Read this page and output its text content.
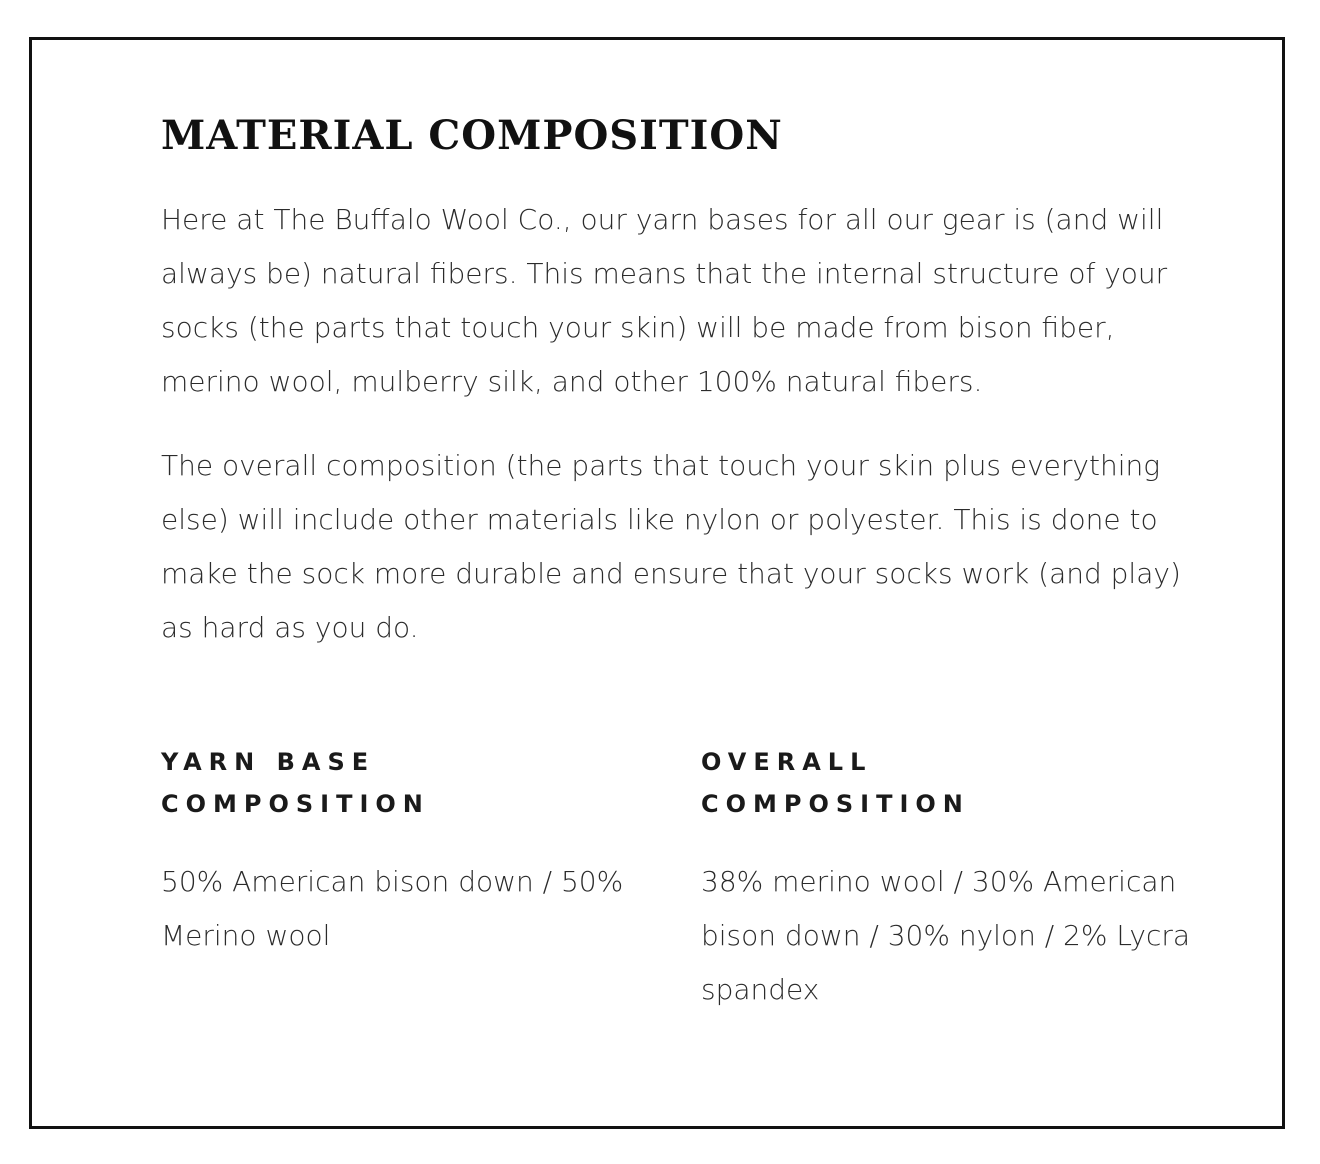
MATERIAL COMPOSITION

Here at The Buffalo Wool Co., our yarn bases for all our gear is (and will always be) natural fibers. This means that the internal structure of your socks (the parts that touch your skin) will be made from bison fiber, merino wool, mulberry silk, and other 100% natural fibers.

The overall composition (the parts that touch your skin plus everything else) will include other materials like nylon or polyester. This is done to make the sock more durable and ensure that your socks work (and play) as hard as you do.

YARN BASE
COMPOSITION

50% American bison down / 50% Merino wool

OVERALL
COMPOSITION

38% merino wool / 30% American bison down / 30% nylon / 2% Lycra spandex
